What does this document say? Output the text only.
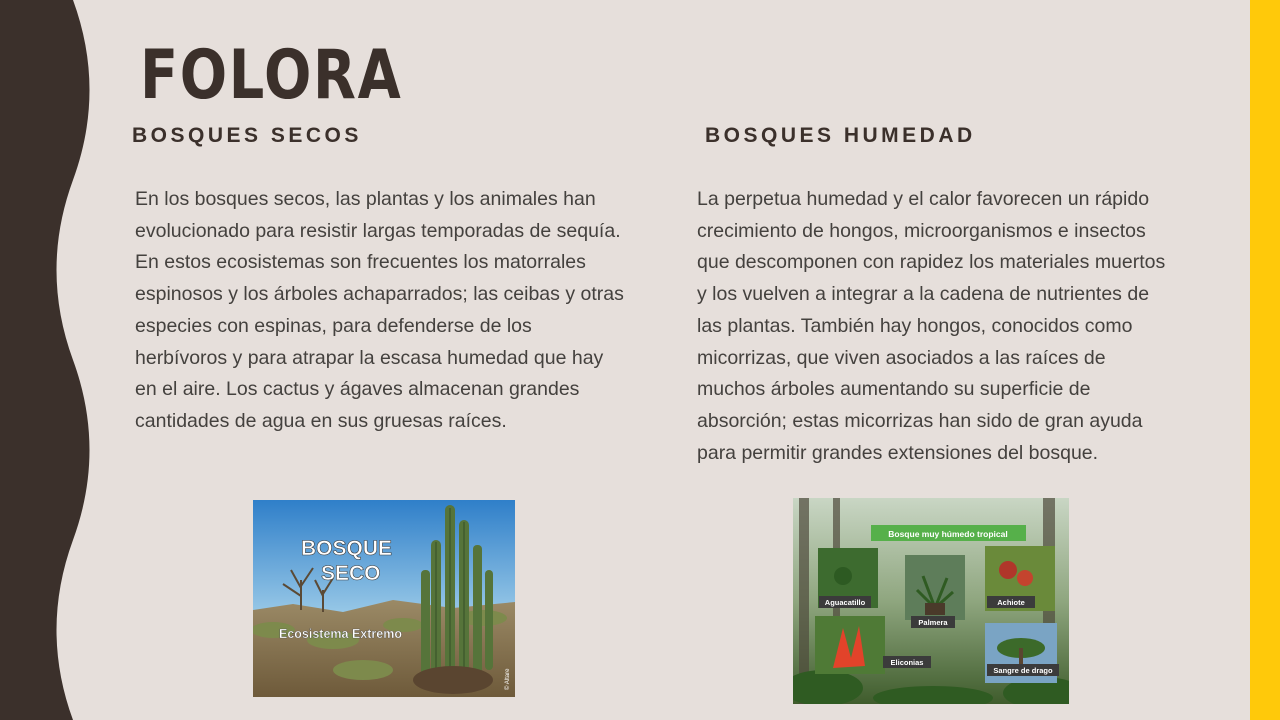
FOLORA
BOSQUES SECOS	BOSQUES HUMEDAD

En los bosques secos, las plantas y los animales han evolucionado para resistir largas temporadas de sequía. En estos ecosistemas son frecuentes los matorrales espinosos y los árboles achaparrados; las ceibas y otras especies con espinas, para defenderse de los herbívoros y para atrapar la escasa humedad que hay en el aire. Los cactus y ágaves almacenan grandes cantidades de agua en sus gruesas raíces.

La perpetua humedad y el calor favorecen un rápido crecimiento de hongos, microorganismos e insectos que descomponen con rapidez los materiales muertos y los vuelven a integrar a la cadena de nutrientes de las plantas. También hay hongos, conocidos como micorrizas, que viven asociados a las raíces de muchos árboles aumentando su superficie de absorción; estas micorrizas han sido de gran ayuda para permitir grandes extensiones del bosque.

BOSQUE
SECO
Ecosistema Extremo
© Altare
Bosque muy húmedo tropical
Aguacatillo
Palmera
Achiote
Eliconias
Sangre de drago
